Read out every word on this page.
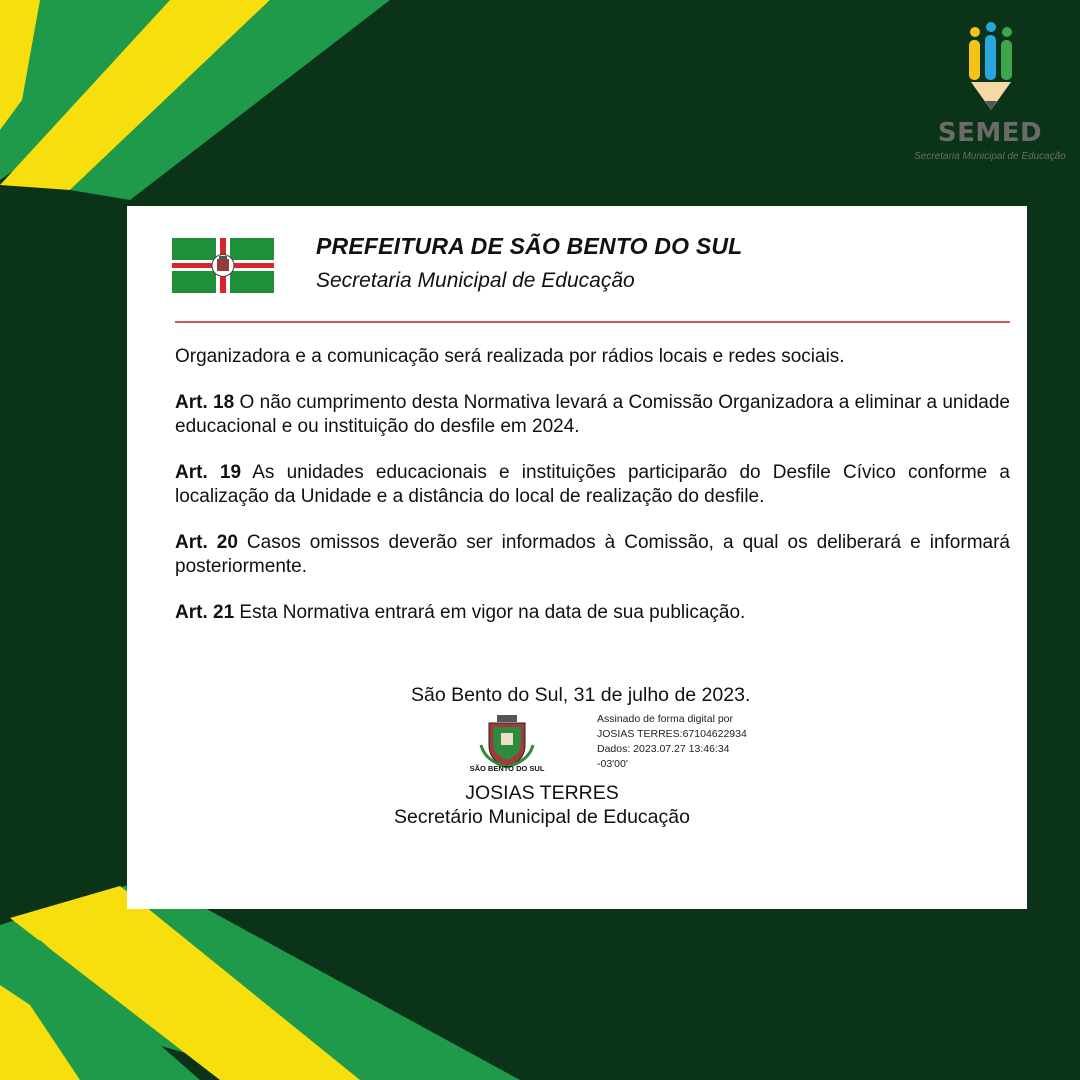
SEMED
Secretaria Municipal de Educação
PREFEITURA DE SÃO BENTO DO SUL
Secretaria Municipal de Educação

Organizadora e a comunicação será realizada por rádios locais e redes sociais.

Art. 18 O não cumprimento desta Normativa levará a Comissão Organizadora a eliminar a unidade educacional e ou instituição do desfile em 2024.

Art. 19 As unidades educacionais e instituições participarão do Desfile Cívico conforme a localização da Unidade e a distância do local de realização do desfile.

Art. 20 Casos omissos deverão ser informados à Comissão, a qual os deliberará e informará posteriormente.

Art. 21 Esta Normativa entrará em vigor na data de sua publicação.

São Bento do Sul, 31 de julho de 2023.
SÃO BENTO DO SUL
Assinado de forma digital por
JOSIAS TERRES:67104622934
Dados: 2023.07.27 13:46:34
-03'00'
JOSIAS TERRES
Secretário Municipal de Educação
